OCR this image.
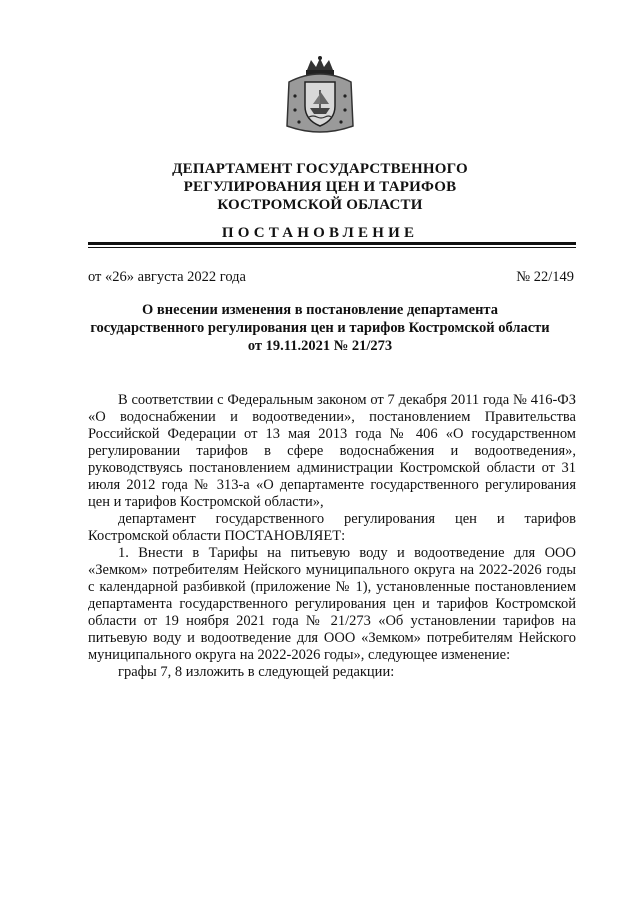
ДЕПАРТАМЕНТ ГОСУДАРСТВЕННОГО
РЕГУЛИРОВАНИЯ ЦЕН И ТАРИФОВ
КОСТРОМСКОЙ ОБЛАСТИ
ПОСТАНОВЛЕНИЕ
от «26» августа 2022 года	№ 22/149
О внесении изменения в постановление департамента
государственного регулирования цен и тарифов Костромской области
от 19.11.2021 № 21/273

В соответствии с Федеральным законом от 7 декабря 2011 года № 416-ФЗ «О водоснабжении и водоотведении», постановлением Правительства Российской Федерации от 13 мая 2013 года № 406 «О государственном регулировании тарифов в сфере водоснабжения и водоотведения», руководствуясь постановлением администрации Костромской области от 31 июля 2012 года № 313-а «О департаменте государственного регулирования цен и тарифов Костромской области»,

департамент государственного регулирования цен и тарифов Костромской области ПОСТАНОВЛЯЕТ:

1. Внести в Тарифы на питьевую воду и водоотведение для ООО «Земком» потребителям Нейского муниципального округа на 2022-2026 годы с календарной разбивкой (приложение № 1), установленные постановлением департамента государственного регулирования цен и тарифов Костромской области от 19 ноября 2021 года № 21/273 «Об установлении тарифов на питьевую воду и водоотведение для ООО «Земком» потребителям Нейского муниципального округа на 2022-2026 годы», следующее изменение:

графы 7, 8 изложить в следующей редакции:
